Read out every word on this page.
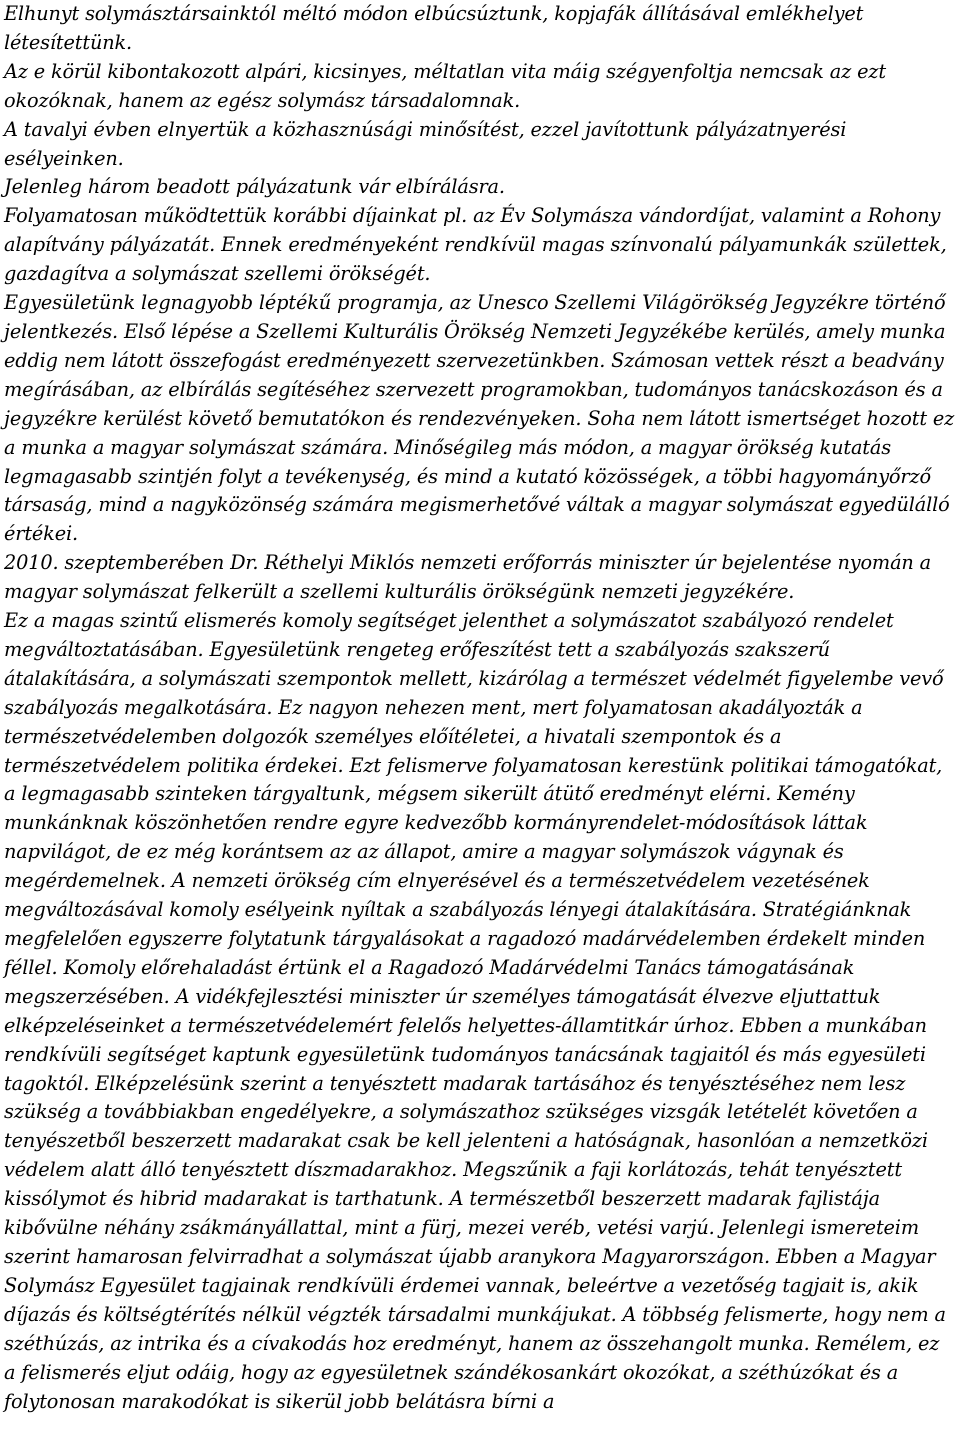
Elhunyt solymásztársainktól méltó módon elbúcsúztunk, kopjafák állításával emlékhelyet létesítettünk.

Az e körül kibontakozott alpári, kicsinyes, méltatlan vita máig szégyenfoltja nemcsak az ezt okozóknak, hanem az egész solymász társadalomnak.

A tavalyi évben elnyertük a közhasznúsági minősítést, ezzel javítottunk pályázatnyerési esélyeinken.

Jelenleg három beadott pályázatunk vár elbírálásra.

Folyamatosan működtettük korábbi díjainkat pl. az Év Solymásza vándordíjat, valamint a Rohony alapítvány pályázatát. Ennek eredményeként rendkívül magas színvonalú pályamunkák születtek, gazdagítva a solymászat szellemi örökségét.

Egyesületünk legnagyobb léptékű programja, az Unesco Szellemi Világörökség Jegyzékre történő jelentkezés. Első lépése a Szellemi Kulturális Örökség Nemzeti Jegyzékébe kerülés, amely munka eddig nem látott összefogást eredményezett szervezetünkben. Számosan vettek részt a beadvány megírásában, az elbírálás segítéséhez szervezett programokban, tudományos tanácskozáson és a jegyzékre kerülést követő bemutatókon és rendezvényeken. Soha nem látott ismertséget hozott ez a munka a magyar solymászat számára. Minőségileg más módon, a magyar örökség kutatás legmagasabb szintjén folyt a tevékenység, és mind a kutató közösségek, a többi hagyományőrző társaság, mind a nagyközönség számára megismerhetővé váltak a magyar solymászat egyedülálló értékei.

2010. szeptemberében Dr. Réthelyi Miklós nemzeti erőforrás miniszter úr bejelentése nyomán a magyar solymászat felkerült a szellemi kulturális örökségünk nemzeti jegyzékére.

Ez a magas szintű elismerés komoly segítséget jelenthet a solymászatot szabályozó rendelet megváltoztatásában. Egyesületünk rengeteg erőfeszítést tett a szabályozás szakszerű átalakítására, a solymászati szempontok mellett, kizárólag a természet védelmét figyelembe vevő szabályozás megalkotására. Ez nagyon nehezen ment, mert folyamatosan akadályozták a természetvédelemben dolgozók személyes előítéletei, a hivatali szempontok és a természetvédelem politika érdekei. Ezt felismerve folyamatosan kerestünk politikai támogatókat, a legmagasabb szinteken tárgyaltunk, mégsem sikerült átütő eredményt elérni. Kemény munkánknak köszönhetően rendre egyre kedvezőbb kormányrendelet-módosítások láttak napvilágot, de ez még korántsem az az állapot, amire a magyar solymászok vágynak és megérdemelnek. A nemzeti örökség cím elnyerésével és a természetvédelem vezetésének megváltozásával komoly esélyeink nyíltak a szabályozás lényegi átalakítására. Stratégiánknak megfelelően egyszerre folytatunk tárgyalásokat a ragadozó madárvédelemben érdekelt minden féllel. Komoly előrehaladást értünk el a Ragadozó Madárvédelmi Tanács támogatásának megszerzésében. A vidékfejlesztési miniszter úr személyes támogatását élvezve eljuttattuk elképzeléseinket a természetvédelemért felelős helyettes-államtitkár úrhoz. Ebben a munkában rendkívüli segítséget kaptunk egyesületünk tudományos tanácsának tagjaitól és más egyesületi tagoktól. Elképzelésünk szerint a tenyésztett madarak tartásához és tenyésztéséhez nem lesz szükség a továbbiakban engedélyekre, a solymászathoz szükséges vizsgák letételét követően a tenyészetből beszerzett madarakat csak be kell jelenteni a hatóságnak, hasonlóan a nemzetközi védelem alatt álló tenyésztett díszmadarakhoz. Megszűnik a faji korlátozás, tehát tenyésztett kissólymot és hibrid madarakat is tarthatunk. A természetből beszerzett madarak fajlistája kibővülne néhány zsákmányállattal, mint a fürj, mezei veréb, vetési varjú. Jelenlegi ismereteim szerint hamarosan felvirradhat a solymászat újabb aranykora Magyarországon. Ebben a Magyar Solymász Egyesület tagjainak rendkívüli érdemei vannak, beleértve a vezetőség tagjait is, akik díjazás és költségtérítés nélkül végzték társadalmi munkájukat. A többség felismerte, hogy nem a széthúzás, az intrika és a cívakodás hoz eredményt, hanem az összehangolt munka. Remélem, ez a felismerés eljut odáig, hogy az egyesületnek szándékosankárt okozókat, a széthúzókat és a folytonosan marakodókat is sikerül jobb belátásra bírni a
